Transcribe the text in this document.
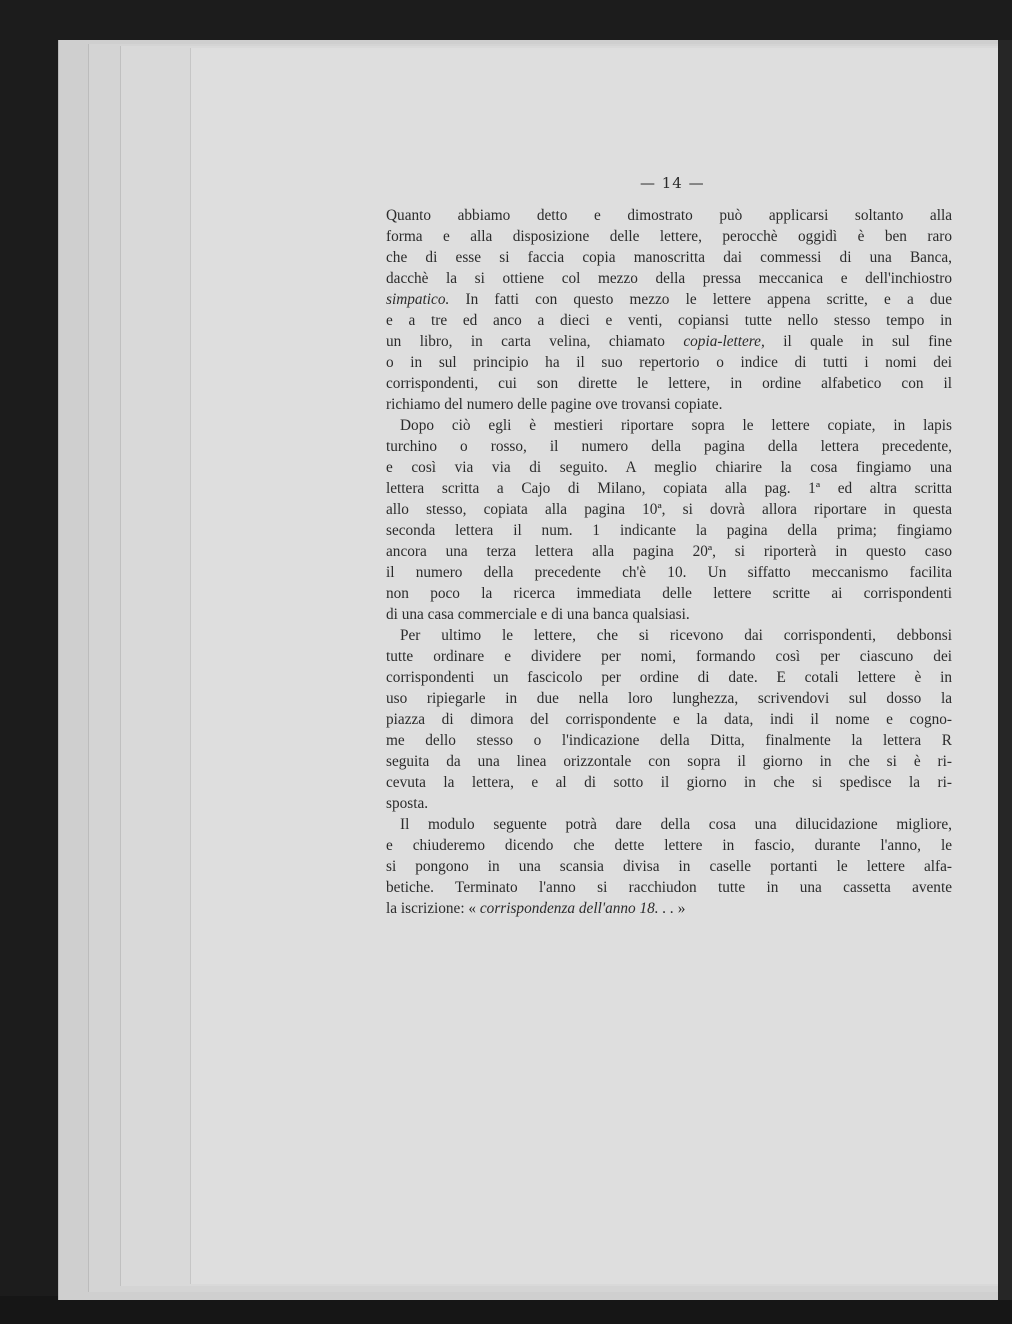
— 14 —
Quanto abbiamo detto e dimostrato può applicarsi soltanto alla
forma e alla disposizione delle lettere, perocchè oggidì è ben raro
che di esse si faccia copia manoscritta dai commessi di una Banca,
dacchè la si ottiene col mezzo della pressa meccanica e dell'inchiostro
simpatico. In fatti con questo mezzo le lettere appena scritte, e a due
e a tre ed anco a dieci e venti, copiansi tutte nello stesso tempo in
un libro, in carta velina, chiamato copia-lettere, il quale in sul fine
o in sul principio ha il suo repertorio o indice di tutti i nomi dei
corrispondenti, cui son dirette le lettere, in ordine alfabetico con il
richiamo del numero delle pagine ove trovansi copiate.
Dopo ciò egli è mestieri riportare sopra le lettere copiate, in lapis
turchino o rosso, il numero della pagina della lettera precedente,
e così via via di seguito. A meglio chiarire la cosa fingiamo una
lettera scritta a Cajo di Milano, copiata alla pag. 1ª ed altra scritta
allo stesso, copiata alla pagina 10ª, si dovrà allora riportare in questa
seconda lettera il num. 1 indicante la pagina della prima; fingiamo
ancora una terza lettera alla pagina 20ª, si riporterà in questo caso
il numero della precedente ch'è 10. Un siffatto meccanismo facilita
non poco la ricerca immediata delle lettere scritte ai corrispondenti
di una casa commerciale e di una banca qualsiasi.
Per ultimo le lettere, che si ricevono dai corrispondenti, debbonsi
tutte ordinare e dividere per nomi, formando così per ciascuno dei
corrispondenti un fascicolo per ordine di date. E cotali lettere è in
uso ripiegarle in due nella loro lunghezza, scrivendovi sul dosso la
piazza di dimora del corrispondente e la data, indi il nome e cogno-
me dello stesso o l'indicazione della Ditta, finalmente la lettera R
seguita da una linea orizzontale con sopra il giorno in che si è ri-
cevuta la lettera, e al di sotto il giorno in che si spedisce la ri-
sposta.
Il modulo seguente potrà dare della cosa una dilucidazione migliore,
e chiuderemo dicendo che dette lettere in fascio, durante l'anno, le
si pongono in una scansia divisa in caselle portanti le lettere alfa-
betiche. Terminato l'anno si racchiudon tutte in una cassetta avente
la iscrizione: « corrispondenza dell'anno 18. . . »
